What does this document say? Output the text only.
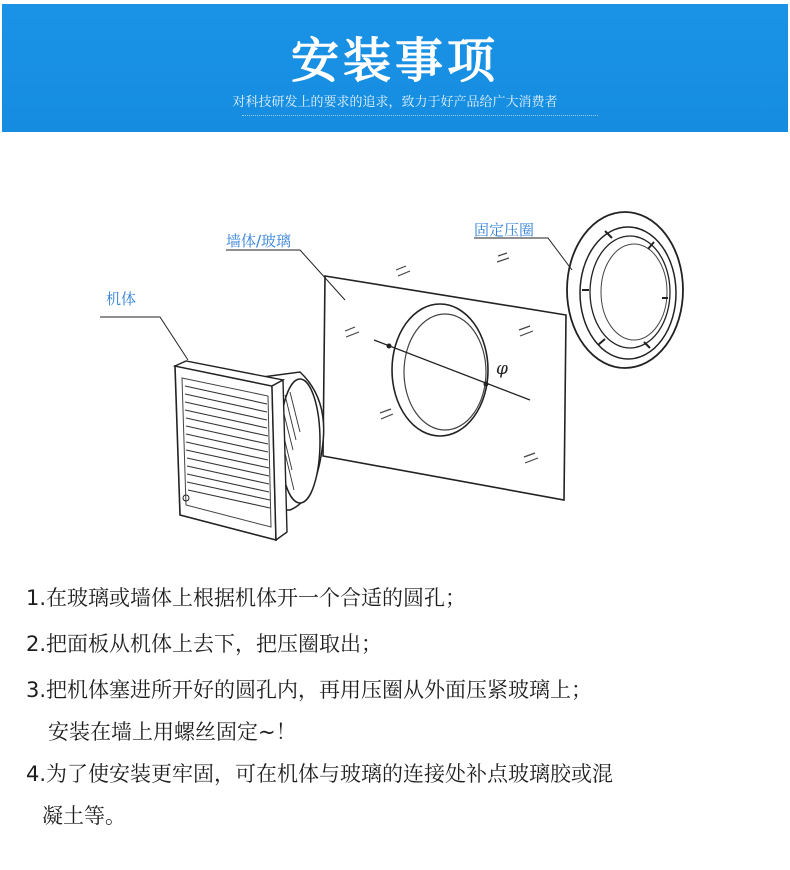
安装事项
对科技研发上的要求的追求，致力于好产品给广大消费者
φ
机体
墙体/玻璃
固定压圈
1.在玻璃或墙体上根据机体开一个合适的圆孔；
2.把面板从机体上去下，把压圈取出；
3.把机体塞进所开好的圆孔内，再用压圈从外面压紧玻璃上；
安装在墙上用螺丝固定~！
4.为了使安装更牢固，可在机体与玻璃的连接处补点玻璃胶或混
凝土等。
